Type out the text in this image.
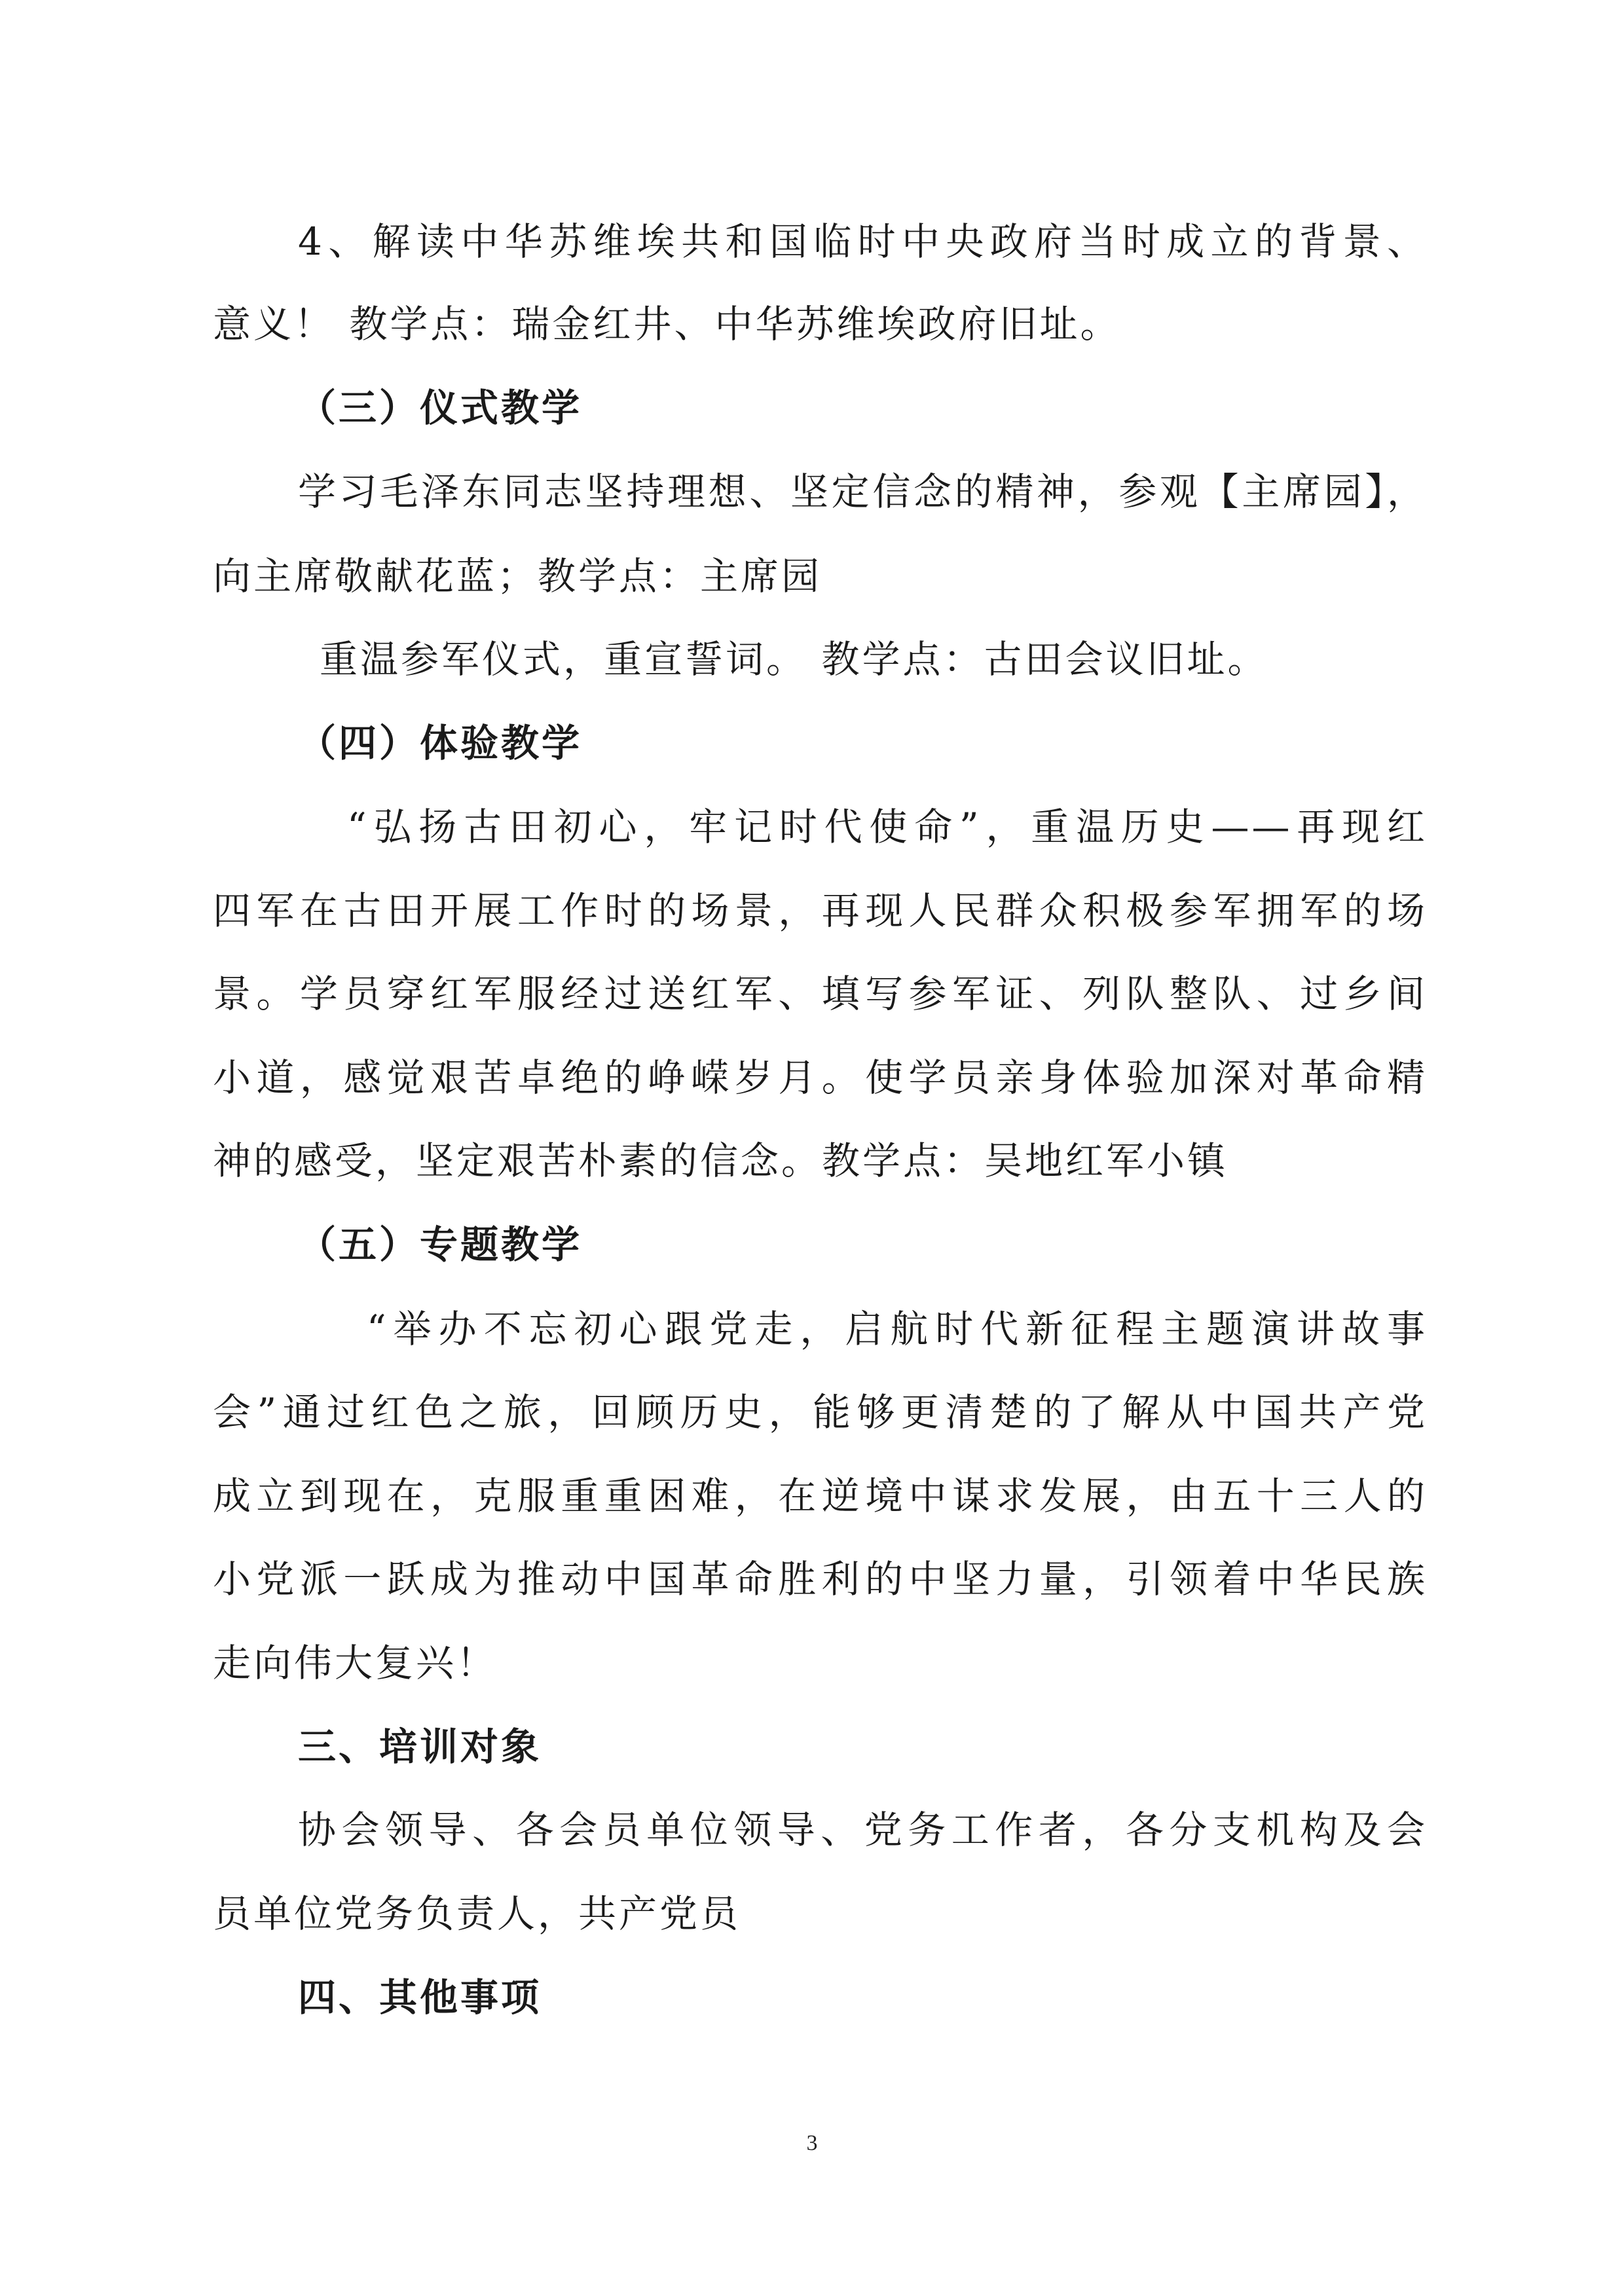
4、解读中华苏维埃共和国临时中央政府当时成立的背景、
意义！ 教学点：瑞金红井、中华苏维埃政府旧址。
（三）仪式教学
学习毛泽东同志坚持理想、坚定信念的精神，参观【主席园】，
向主席敬献花蓝；教学点：主席园
重温参军仪式，重宣誓词。 教学点：古田会议旧址。
（四）体验教学
“弘扬古田初心，牢记时代使命”，重温历史——再现红
四军在古田开展工作时的场景，再现人民群众积极参军拥军的场
景。学员穿红军服经过送红军、填写参军证、列队整队、过乡间
小道，感觉艰苦卓绝的峥嵘岁月。使学员亲身体验加深对革命精
神的感受，坚定艰苦朴素的信念。教学点：吴地红军小镇
（五）专题教学
“举办不忘初心跟党走，启航时代新征程主题演讲故事
会”通过红色之旅，回顾历史，能够更清楚的了解从中国共产党
成立到现在，克服重重困难，在逆境中谋求发展，由五十三人的
小党派一跃成为推动中国革命胜利的中坚力量，引领着中华民族
走向伟大复兴！
三、培训对象
协会领导、各会员单位领导、党务工作者，各分支机构及会
员单位党务负责人，共产党员
四、其他事项
3
